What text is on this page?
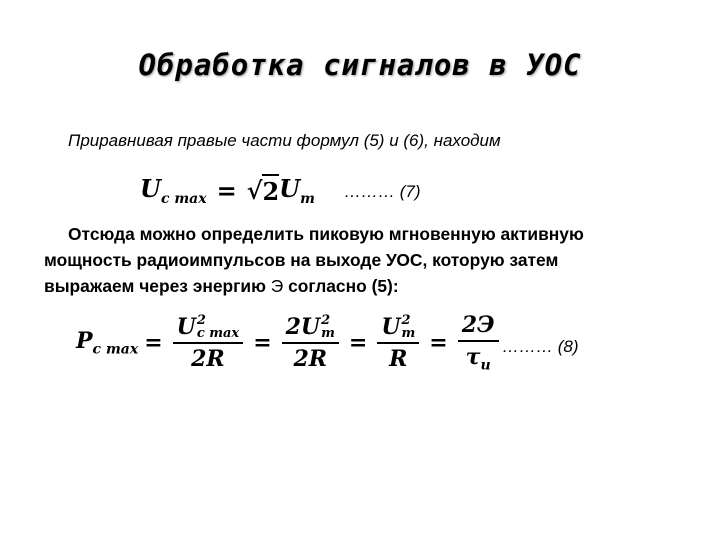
Обработка сигналов в УОС
Приравнивая правые части формул (5) и (6), находим
$U_{c max}$ = √ 2 $U_m$ ……… (7)
Отсюда можно определить пиковую мгновенную активную
мощность радиоимпульсов на выходе УОС, которую затем
выражаем через энергию Э согласно (5):
$P_{c max} = U$ 2
c max
2R = 2U 2
m
2R = U 2
m
$R = \frac{2Э}{\tau_и}$ ……… (8)
